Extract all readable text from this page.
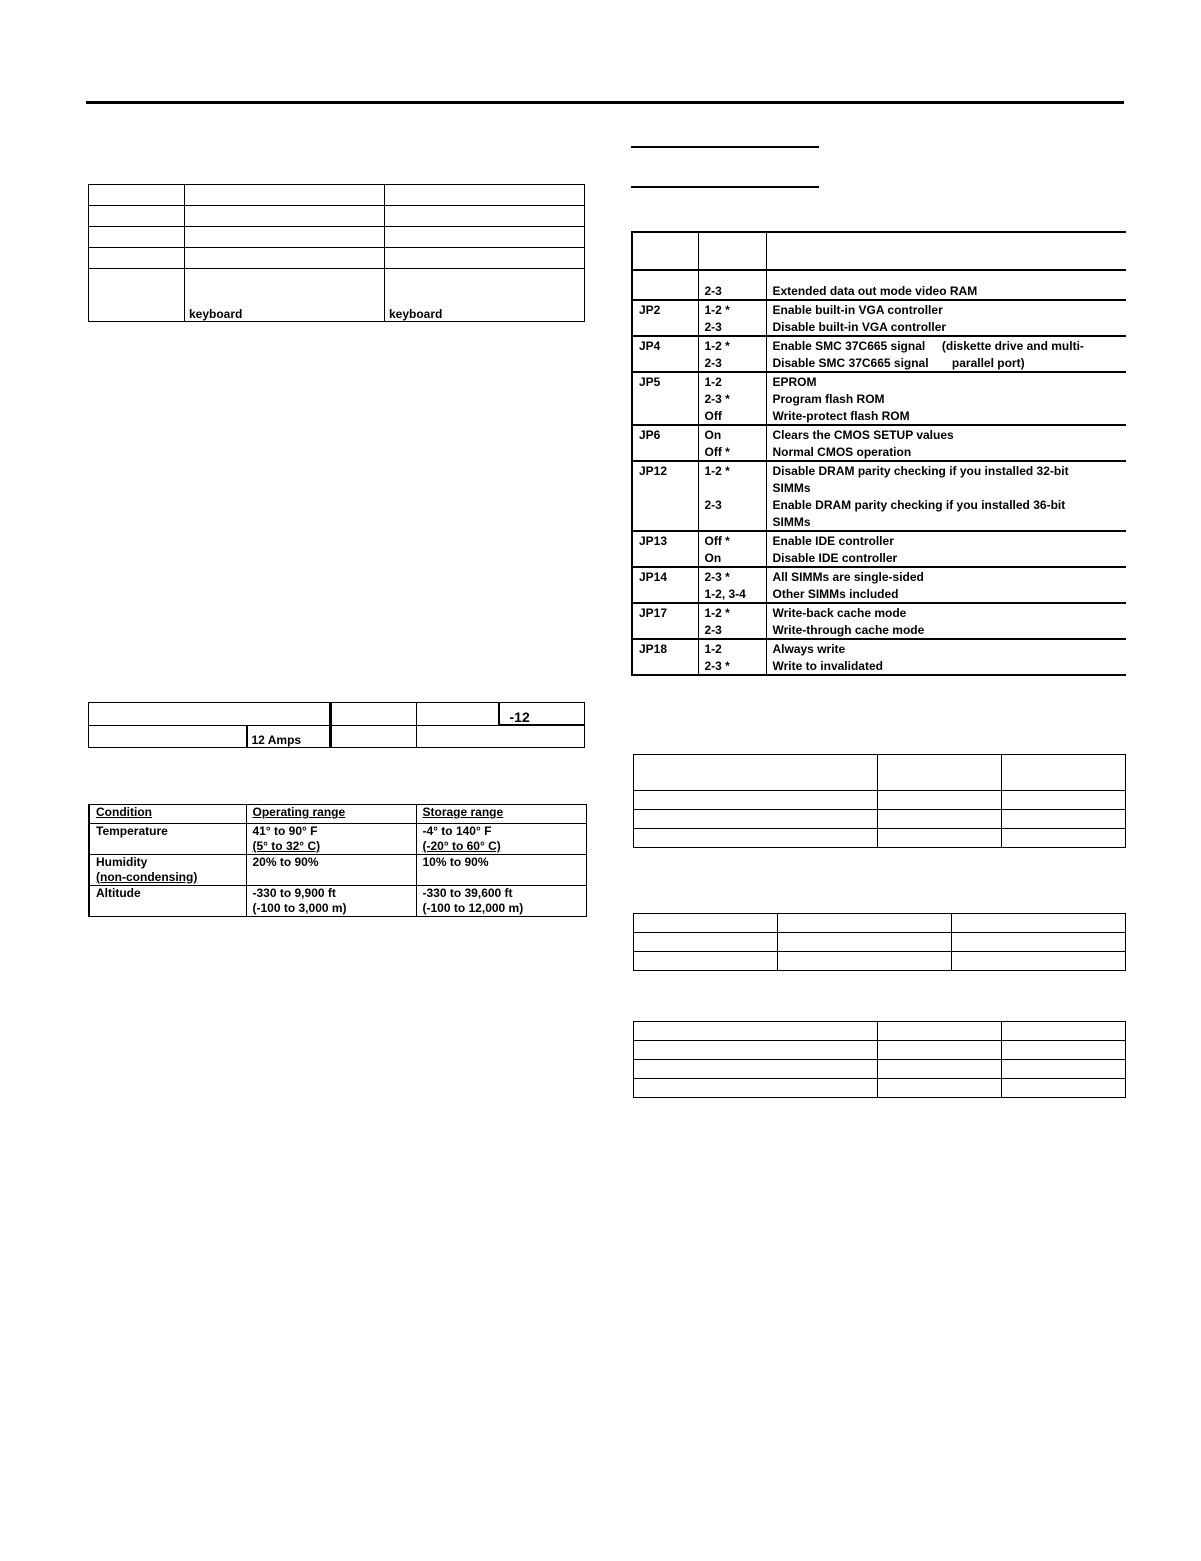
	keyboard	keyboard

	2-3	Extended data out mode video RAM
JP2	1-2 *	Enable built-in VGA controller
	2-3	Disable built-in VGA controller
JP4	1-2 *	Enable SMC 37C665 signal     (diskette drive and multi-
	2-3	Disable SMC 37C665 signal       parallel port)
JP5	1-2	EPROM
	2-3 *	Program flash ROM
	Off	Write-protect flash ROM
JP6	On	Clears the CMOS SETUP values
	Off *	Normal CMOS operation
JP12	1-2 *	Disable DRAM parity checking if you installed 32-bit
		SIMMs
	2-3	Enable DRAM parity checking if you installed 36-bit
		SIMMs
JP13	Off *	Enable IDE controller
	On	Disable IDE controller
JP14	2-3 *	All SIMMs are single-sided
	1-2, 3-4	Other SIMMs included
JP17	1-2 *	Write-back cache mode
	2-3	Write-through cache mode
JP18	1-2	Always write
	2-3 *	Write to invalidated
				-12
	12 Amps			
Condition	Operating range	Storage range
Temperature	41° to 90° F	-4° to 140° F
	(5° to 32° C)	(-20° to 60° C)
Humidity	20% to 90%	10% to 90%
(non-condensing)		
Altitude	-330 to 9,900 ft	-330 to 39,600 ft
	(-100 to 3,000 m)	(-100 to 12,000 m)
